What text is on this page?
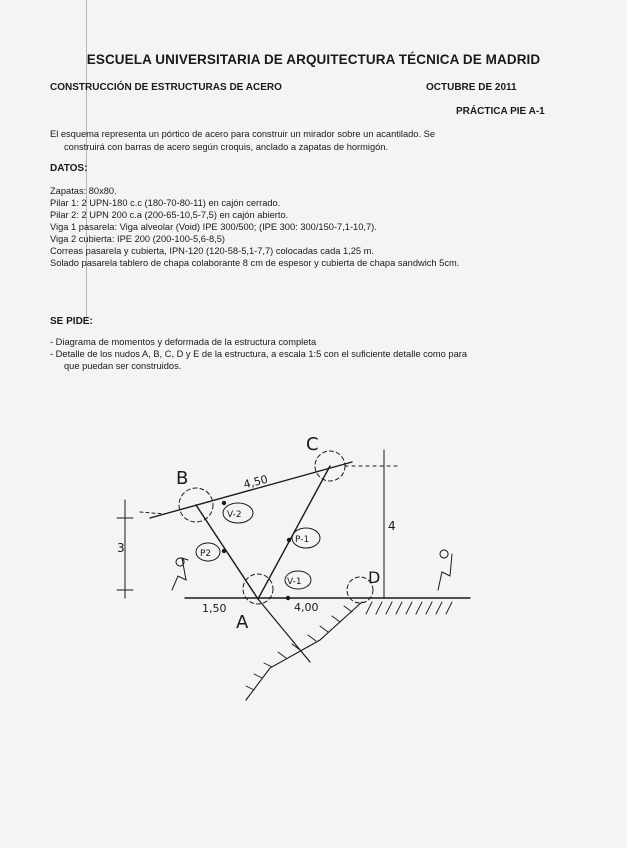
ESCUELA UNIVERSITARIA DE ARQUITECTURA TÉCNICA DE MADRID
CONSTRUCCIÓN DE ESTRUCTURAS DE ACERO	OCTUBRE DE 2011
PRÁCTICA PIE A-1
El esquema representa un pórtico de acero para construir un mirador sobre un acantilado. Se
construirá con barras de acero según croquis, anclado a zapatas de hormigón.
DATOS:
Zapatas: 80x80.
Pilar 1: 2 UPN-180 c.c (180-70-80-11) en cajón cerrado.
Pilar 2: 2 UPN 200 c.a (200-65-10,5-7,5) en cajón abierto.
Viga 1 pasarela: Viga alveolar (Void) IPE 300/500; (IPE 300: 300/150-7,1-10,7).
Viga 2 cubierta: IPE 200 (200-100-5,6-8,5)
Correas pasarela y cubierta, IPN-120 (120-58-5,1-7,7) colocadas cada 1,25 m.
Solado pasarela tablero de chapa colaborante 8 cm de espesor y cubierta de chapa sandwich 5cm.
SE PIDE:
- Diagrama de momentos y deformada de la estructura completa
- Detalle de los nudos A, B, C, D y E de la estructura, a escala 1:5 con el suficiente detalle como para
que puedan ser construidos.
B
C
A
D
4,50
3
4
1,50	4,00
V-2
P2
P-1
V-1
